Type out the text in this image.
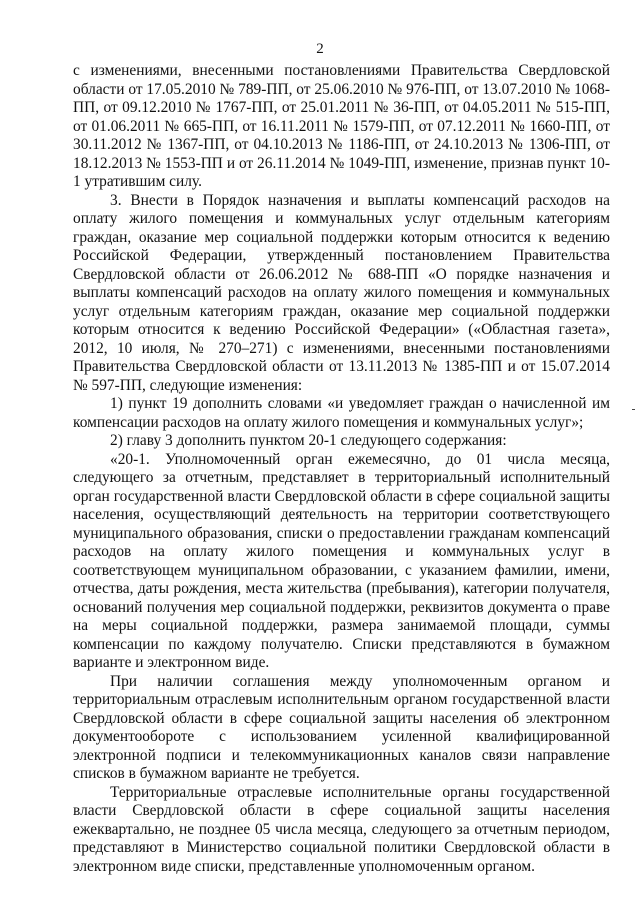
2

с изменениями, внесенными постановлениями Правительства Свердловской области от 17.05.2010 № 789-ПП, от 25.06.2010 № 976-ПП, от 13.07.2010 № 1068-ПП, от 09.12.2010 № 1767-ПП, от 25.01.2011 № 36-ПП, от 04.05.2011 № 515-ПП, от 01.06.2011 № 665-ПП, от 16.11.2011 № 1579-ПП, от 07.12.2011 № 1660-ПП, от 30.11.2012 № 1367-ПП, от 04.10.2013 № 1186-ПП, от 24.10.2013 № 1306-ПП, от 18.12.2013 № 1553-ПП и от 26.11.2014 № 1049-ПП, изменение, признав пункт 10-1 утратившим силу.

3. Внести в Порядок назначения и выплаты компенсаций расходов на оплату жилого помещения и коммунальных услуг отдельным категориям граждан, оказание мер социальной поддержки которым относится к ведению Российской Федерации, утвержденный постановлением Правительства Свердловской области от 26.06.2012 № 688-ПП «О порядке назначения и выплаты компенсаций расходов на оплату жилого помещения и коммунальных услуг отдельным категориям граждан, оказание мер социальной поддержки которым относится к ведению Российской Федерации» («Областная газета», 2012, 10 июля, № 270–271) с изменениями, внесенными постановлениями Правительства Свердловской области от 13.11.2013 № 1385-ПП и от 15.07.2014 № 597-ПП, следующие изменения:

1) пункт 19 дополнить словами «и уведомляет граждан о начисленной им компенсации расходов на оплату жилого помещения и коммунальных услуг»;

2) главу 3 дополнить пунктом 20-1 следующего содержания:

«20-1. Уполномоченный орган ежемесячно, до 01 числа месяца, следующего за отчетным, представляет в территориальный исполнительный орган государственной власти Свердловской области в сфере социальной защиты населения, осуществляющий деятельность на территории соответствующего муниципального образования, списки о предоставлении гражданам компенсаций расходов на оплату жилого помещения и коммунальных услуг в соответствующем муниципальном образовании, с указанием фамилии, имени, отчества, даты рождения, места жительства (пребывания), категории получателя, оснований получения мер социальной поддержки, реквизитов документа о праве на меры социальной поддержки, размера занимаемой площади, суммы компенсации по каждому получателю. Списки представляются в бумажном варианте и электронном виде.

При наличии соглашения между уполномоченным органом и территориальным отраслевым исполнительным органом государственной власти Свердловской области в сфере социальной защиты населения об электронном документообороте с использованием усиленной квалифицированной электронной подписи и телекоммуникационных каналов связи направление списков в бумажном варианте не требуется.

Территориальные отраслевые исполнительные органы государственной власти Свердловской области в сфере социальной защиты населения ежеквартально, не позднее 05 числа месяца, следующего за отчетным периодом, представляют в Министерство социальной политики Свердловской области в электронном виде списки, представленные уполномоченным органом.
